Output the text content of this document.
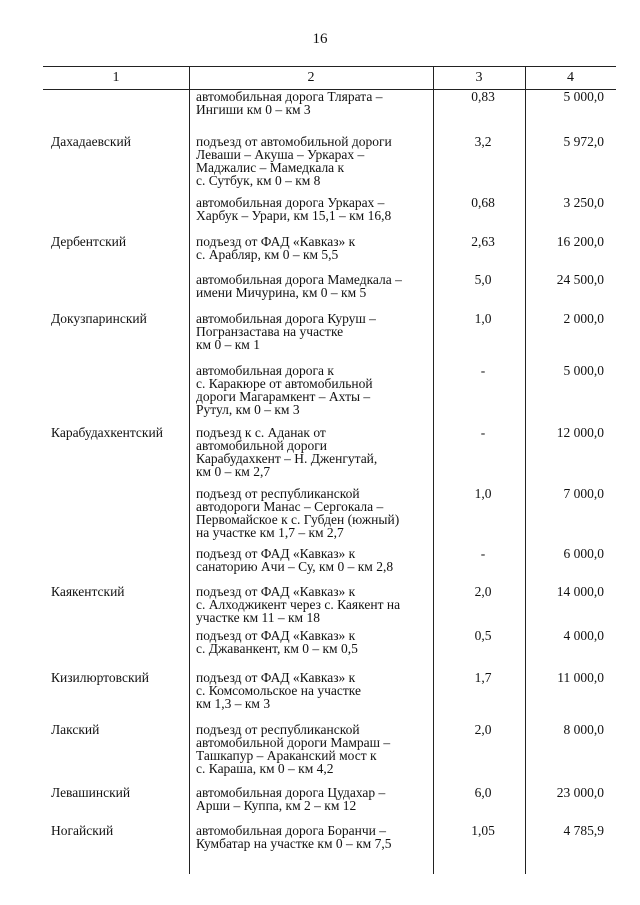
16
1	2	3	4
автомобильная дорога Тлярата –
Ингиши км 0 – км 3
0,83	5 000,0
Дахадаевский	подъезд от автомобильной дороги
Леваши – Акуша – Уркарах –
Маджалис – Мамедкала к
с. Сутбук, км 0 – км 8
3,2	5 972,0
автомобильная дорога Уркарах –
Харбук – Урари, км 15,1 – км 16,8
0,68	3 250,0
Дербентский	подъезд от ФАД «Кавказ» к
с. Арабляр, км 0 – км 5,5
2,63	16 200,0
автомобильная дорога Мамедкала –
имени Мичурина, км 0 – км 5
5,0	24 500,0
Докузпаринский	автомобильная дорога Куруш –
Погранзастава на участке
км 0 – км 1
1,0	2 000,0
автомобильная дорога к
с. Каракюре от автомобильной
дороги Магарамкент – Ахты –
Рутул, км 0 – км 3
-	5 000,0
Карабудахкентский	подъезд к с. Аданак от
автомобильной дороги
Карабудахкент – Н. Дженгутай,
км 0 – км 2,7
-	12 000,0
подъезд от республиканской
автодороги Манас – Сергокала –
Первомайское к с. Губден (южный)
на участке км 1,7 – км 2,7
1,0	7 000,0
подъезд от ФАД «Кавказ» к
санаторию Ачи – Су, км 0 – км 2,8
-	6 000,0
Каякентский	подъезд от ФАД «Кавказ» к
с. Алходжикент через с. Каякент на
участке км 11 – км 18
2,0	14 000,0
подъезд от ФАД «Кавказ» к
с. Джаванкент, км 0 – км 0,5
0,5	4 000,0
Кизилюртовский	подъезд от ФАД «Кавказ» к
с. Комсомольское на участке
км 1,3 – км 3
1,7	11 000,0
Лакский	подъезд от республиканской
автомобильной дороги Мамраш –
Ташкапур – Араканский мост к
с. Караша, км 0 – км 4,2
2,0	8 000,0
Левашинский	автомобильная дорога Цудахар –
Арши – Куппа, км 2 – км 12
6,0	23 000,0
Ногайский	автомобильная дорога Боранчи –
Кумбатар на участке км 0 – км 7,5
1,05	4 785,9
